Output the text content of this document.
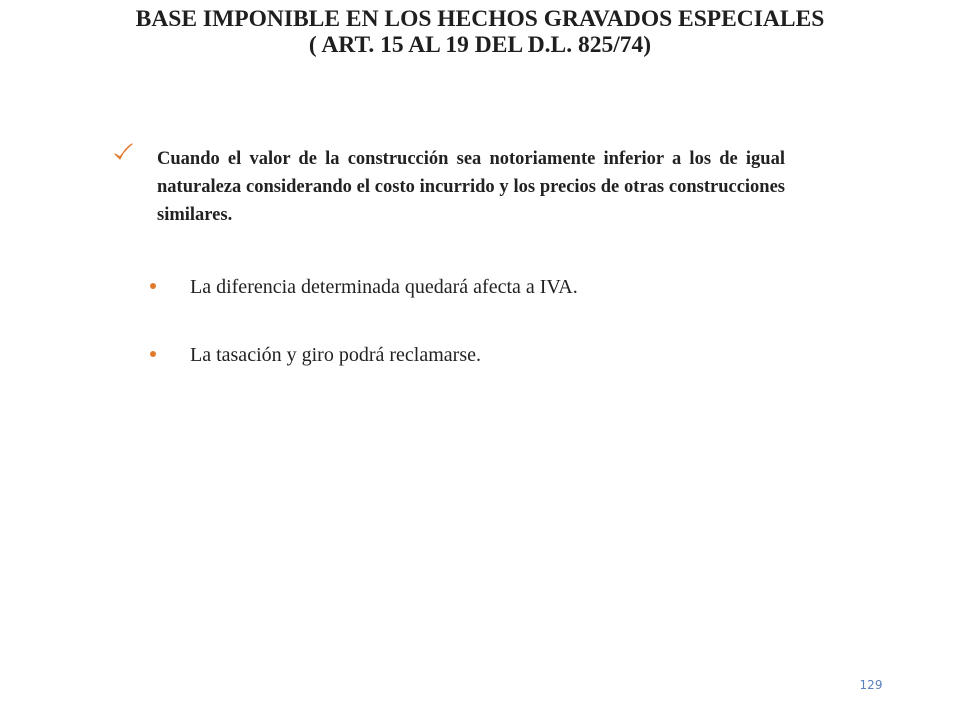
BASE IMPONIBLE EN LOS HECHOS GRAVADOS ESPECIALES
( ART. 15 AL 19 DEL D.L. 825/74)

Cuando el valor de la construcción sea notoriamente inferior a los de igual naturaleza considerando el costo incurrido y los precios de otras construcciones similares.

La diferencia determinada quedará afecta a IVA.
La tasación y giro podrá reclamarse.
129
